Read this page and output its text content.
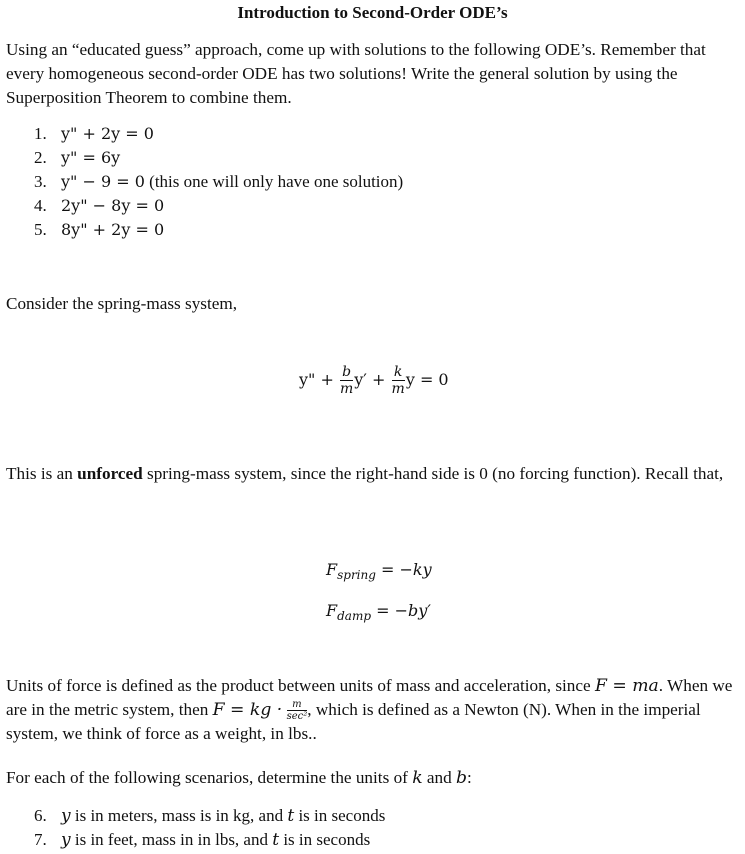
Introduction to Second-Order ODE’s
Using an “educated guess” approach, come up with solutions to the following ODE’s. Remember that every homogeneous second-order ODE has two solutions! Write the general solution by using the Superposition Theorem to combine them.
1. y" + 2y = 0
2. y" = 6y
3. y" − 9 = 0 (this one will only have one solution)
4. 2y" − 8y = 0
5. 8y" + 2y = 0
Consider the spring-mass system,
y" + $\frac{b}{m} y' + \frac{k}{m}$ y = 0
This is an unforced spring-mass system, since the right-hand side is 0 (no forcing function). Recall that,
$F_{spring} = -ky$
$F_{damp} = -by'$
Units of force is defined as the product between units of mass and acceleration, since F = ma. When we are in the metric system, then F = kg · $\frac{m}{\text{sec²}}$ , which is defined as a Newton (N). When in the imperial system, we think of force as a weight, in lbs..
For each of the following scenarios, determine the units of k and b:
6. y is in meters, mass is in kg, and t is in seconds
7. y is in feet, mass in in lbs, and t is in seconds
